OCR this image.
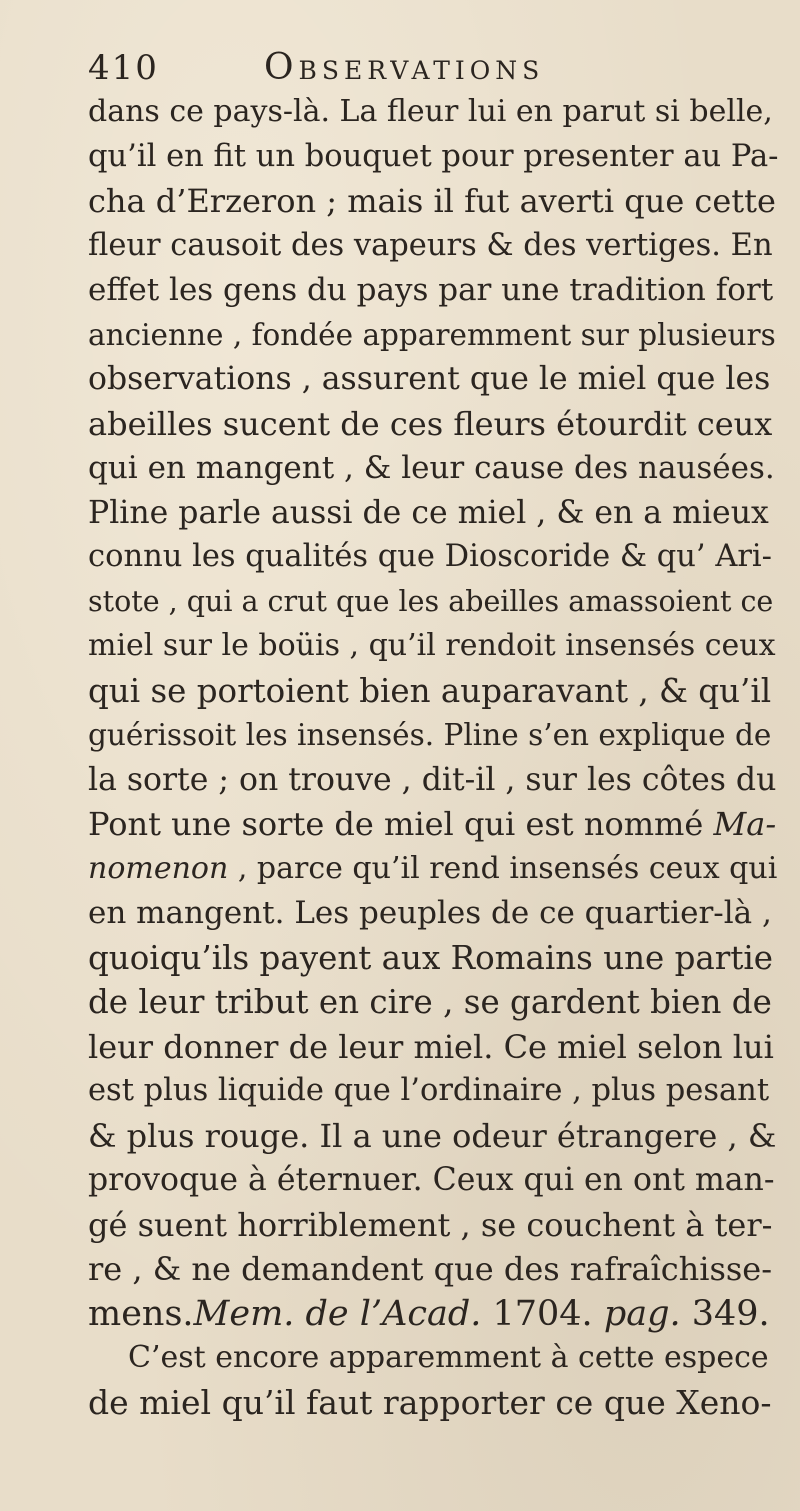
410	Observations
dans ce pays-là. La fleur lui en parut si belle,
qu’il en fit un bouquet pour presenter au Pa-
cha d’Erzeron ; mais il fut averti que cette
fleur causoit des vapeurs & des vertiges. En
effet les gens du pays par une tradition fort
ancienne , fondée apparemment sur plusieurs
observations , assurent que le miel que les
abeilles sucent de ces fleurs étourdit ceux
qui en mangent , & leur cause des nausées.
Pline parle aussi de ce miel , & en a mieux
connu les qualités que Dioscoride & qu’ Ari-
stote , qui a crut que les abeilles amassoient ce
miel sur le boüis , qu’il rendoit insensés ceux
qui se portoient bien auparavant , & qu’il
guérissoit les insensés. Pline s’en explique de
la sorte ; on trouve , dit-il , sur les côtes du
Pont une sorte de miel qui est nommé Ma-
nomenon , parce qu’il rend insensés ceux qui
en mangent. Les peuples de ce quartier-là ,
quoiqu’ils payent aux Romains une partie
de leur tribut en cire , se gardent bien de
leur donner de leur miel. Ce miel selon lui
est plus liquide que l’ordinaire , plus pesant
& plus rouge. Il a une odeur étrangere , &
provoque à éternuer. Ceux qui en ont man-
gé suent horriblement , se couchent à ter-
re , & ne demandent que des rafraîchisse-
mens.Mem. de l’Acad. 1704. pag. 349.
C’est encore apparemment à cette espece
de miel qu’il faut rapporter ce que Xeno-
